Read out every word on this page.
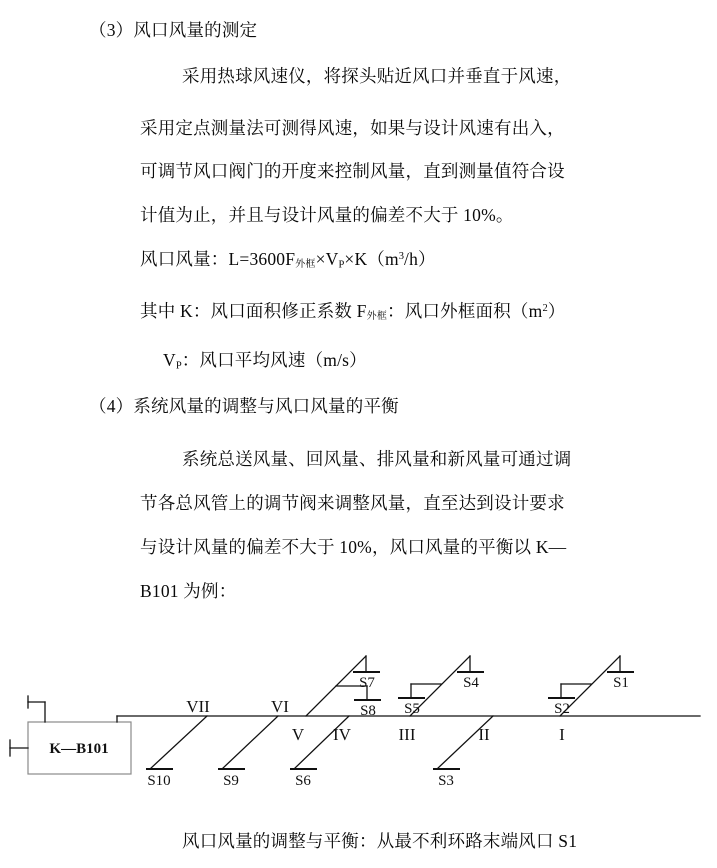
（3）风口风量的测定
采用热球风速仪，将探头贴近风口并垂直于风速，
采用定点测量法可测得风速，如果与设计风速有出入，
可调节风口阀门的开度来控制风量，直到测量值符合设
计值为止，并且与设计风量的偏差不大于 10%。
风口风量：L=3600F外框$\times V_P\times K(m^3/h)$
其中 K：风口面积修正系数 F外框：风口外框面积$(m^2)$
$V_P$：风口平均风速（m/s）
（4）系统风量的调整与风口风量的平衡
系统总送风量、回风量、排风量和新风量可通过调
节各总风管上的调节阀来调整风量，直至达到设计要求
与设计风量的偏差不大于 10%，风口风量的平衡以 K—
B101 为例：
K—B101
VII	VI
V IV	III	II	I
S10	S9	S6	S3
S7
S8 S5
S4
S2
S1
风口风量的调整与平衡：从最不利环路末端风口 S1
